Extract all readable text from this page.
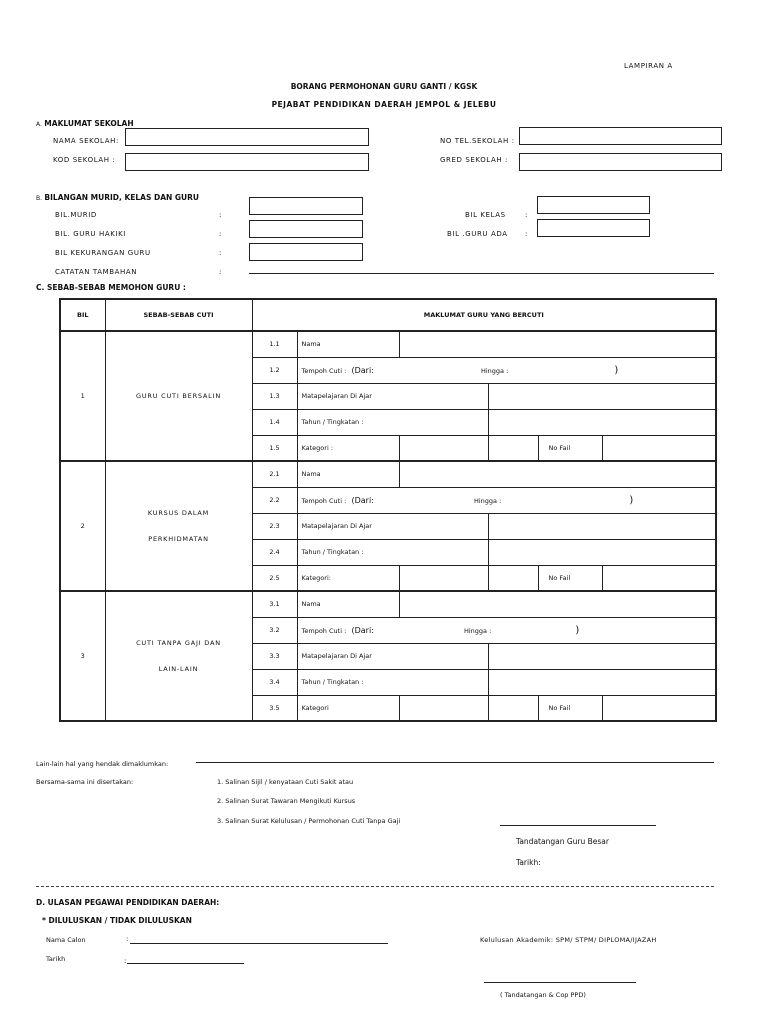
LAMPIRAN A
BORANG PERMOHONAN GURU GANTI / KGSK
PEJABAT PENDIDIKAN DAERAH JEMPOL & JELEBU
A. MAKLUMAT SEKOLAH
NAMA SEKOLAH:
KOD SEKOLAH :
NO TEL.SEKOLAH :
GRED SEKOLAH :
B. BILANGAN MURID, KELAS DAN GURU
BIL.MURID	:
BIL. GURU HAKIKI	:
BIL KEKURANGAN GURU	:
CATATAN TAMBAHAN	:
BIL KELAS	:
BIL .GURU ADA :
C. SEBAB-SEBAB MEMOHON GURU :
BIL	SEBAB-SEBAB CUTI	MAKLUMAT GURU YANG BERCUTI					
1	GURU CUTI BERSALIN	1.1	Nama				
		1.2	Tempoh Cuti : (Dari: Hingga : )				
		1.3	Matapelajaran Di Ajar				
		1.4	Tahun / Tingkatan :				
		1.5	Kategori :			No Fail	
2	KURSUS DALAM
PERKHIDMATAN	2.1	Nama				
		2.2	Tempoh Cuti : (Dari: Hingga : )				
		2.3	Matapelajaran Di Ajar				
		2.4	Tahun / Tingkatan :				
		2.5	Kategori:			No Fail	
3	CUTI TANPA GAJI DAN
LAIN-LAIN	3.1	Nama				
		3.2	Tempoh Cuti : (Dari: Hingga : )				
		3.3	Matapelajaran Di Ajar				
		3.4	Tahun / Tingkatan :				
		3.5	Kategori			No Fail	
Lain-lain hal yang hendak dimaklumkan:
Bersama-sama ini disertakan:	1. Salinan Sijil / kenyataan Cuti Sakit atau
2. Salinan Surat Tawaran Mengikuti Kursus
3. Salinan Surat Kelulusan / Permohonan Cuti Tanpa Gaji
Tandatangan Guru Besar
Tarikh:
D. ULASAN PEGAWAI PENDIDIKAN DAERAH:
* DILULUSKAN / TIDAK DILULUSKAN
Nama Calon	:
Tarikh	:
Kelulusan Akademik: SPM/ STPM/ DIPLOMA/IJAZAH
( Tandatangan & Cop PPD)
